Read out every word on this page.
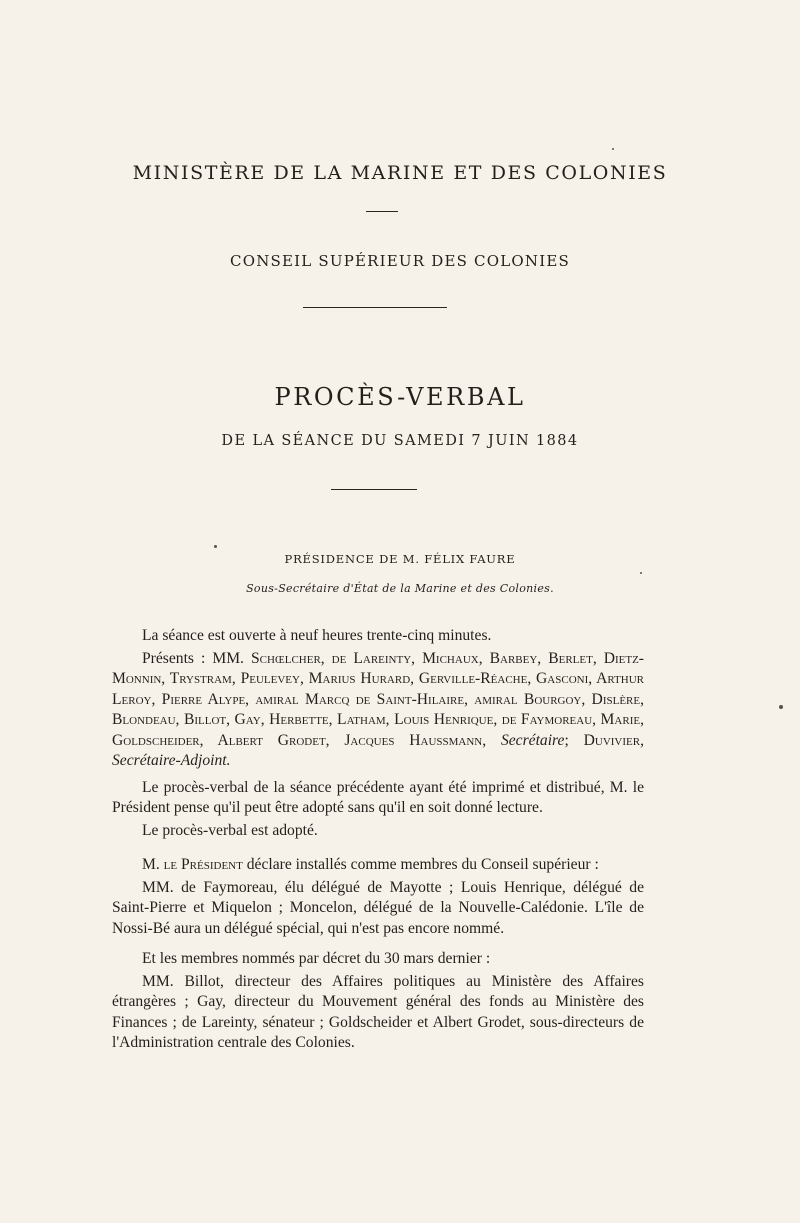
MINISTÈRE DE LA MARINE ET DES COLONIES
CONSEIL SUPÉRIEUR DES COLONIES
PROCÈS-VERBAL
DE LA SÉANCE DU SAMEDI 7 JUIN 1884
PRÉSIDENCE DE M. FÉLIX FAURE
Sous-Secrétaire d'État de la Marine et des Colonies.

La séance est ouverte à neuf heures trente-cinq minutes.

Présents : MM. Schœlcher, de Lareinty, Michaux, Barbey, Berlet, Dietz-Monnin, Trystram, Peulevey, Marius Hurard, Gerville-Réache, Gasconi, Arthur Leroy, Pierre Alype, amiral Marcq de Saint-Hilaire, amiral Bourgoy, Dislère, Blondeau, Billot, Gay, Herbette, Latham, Louis Henrique, de Faymoreau, Marie, Goldscheider, Albert Grodet, Jacques Haussmann, Secrétaire; Duvivier, Secrétaire-Adjoint.

Le procès-verbal de la séance précédente ayant été imprimé et distribué, M. le Président pense qu'il peut être adopté sans qu'il en soit donné lecture.

Le procès-verbal est adopté.

M. le Président déclare installés comme membres du Conseil supérieur :

MM. de Faymoreau, élu délégué de Mayotte ; Louis Henrique, délégué de Saint-Pierre et Miquelon ; Moncelon, délégué de la Nouvelle-Calédonie. L'île de Nossi-Bé aura un délégué spécial, qui n'est pas encore nommé.

Et les membres nommés par décret du 30 mars dernier :

MM. Billot, directeur des Affaires politiques au Ministère des Affaires étrangères ; Gay, directeur du Mouvement général des fonds au Ministère des Finances ; de Lareinty, sénateur ; Goldscheider et Albert Grodet, sous-directeurs de l'Administration centrale des Colonies.
